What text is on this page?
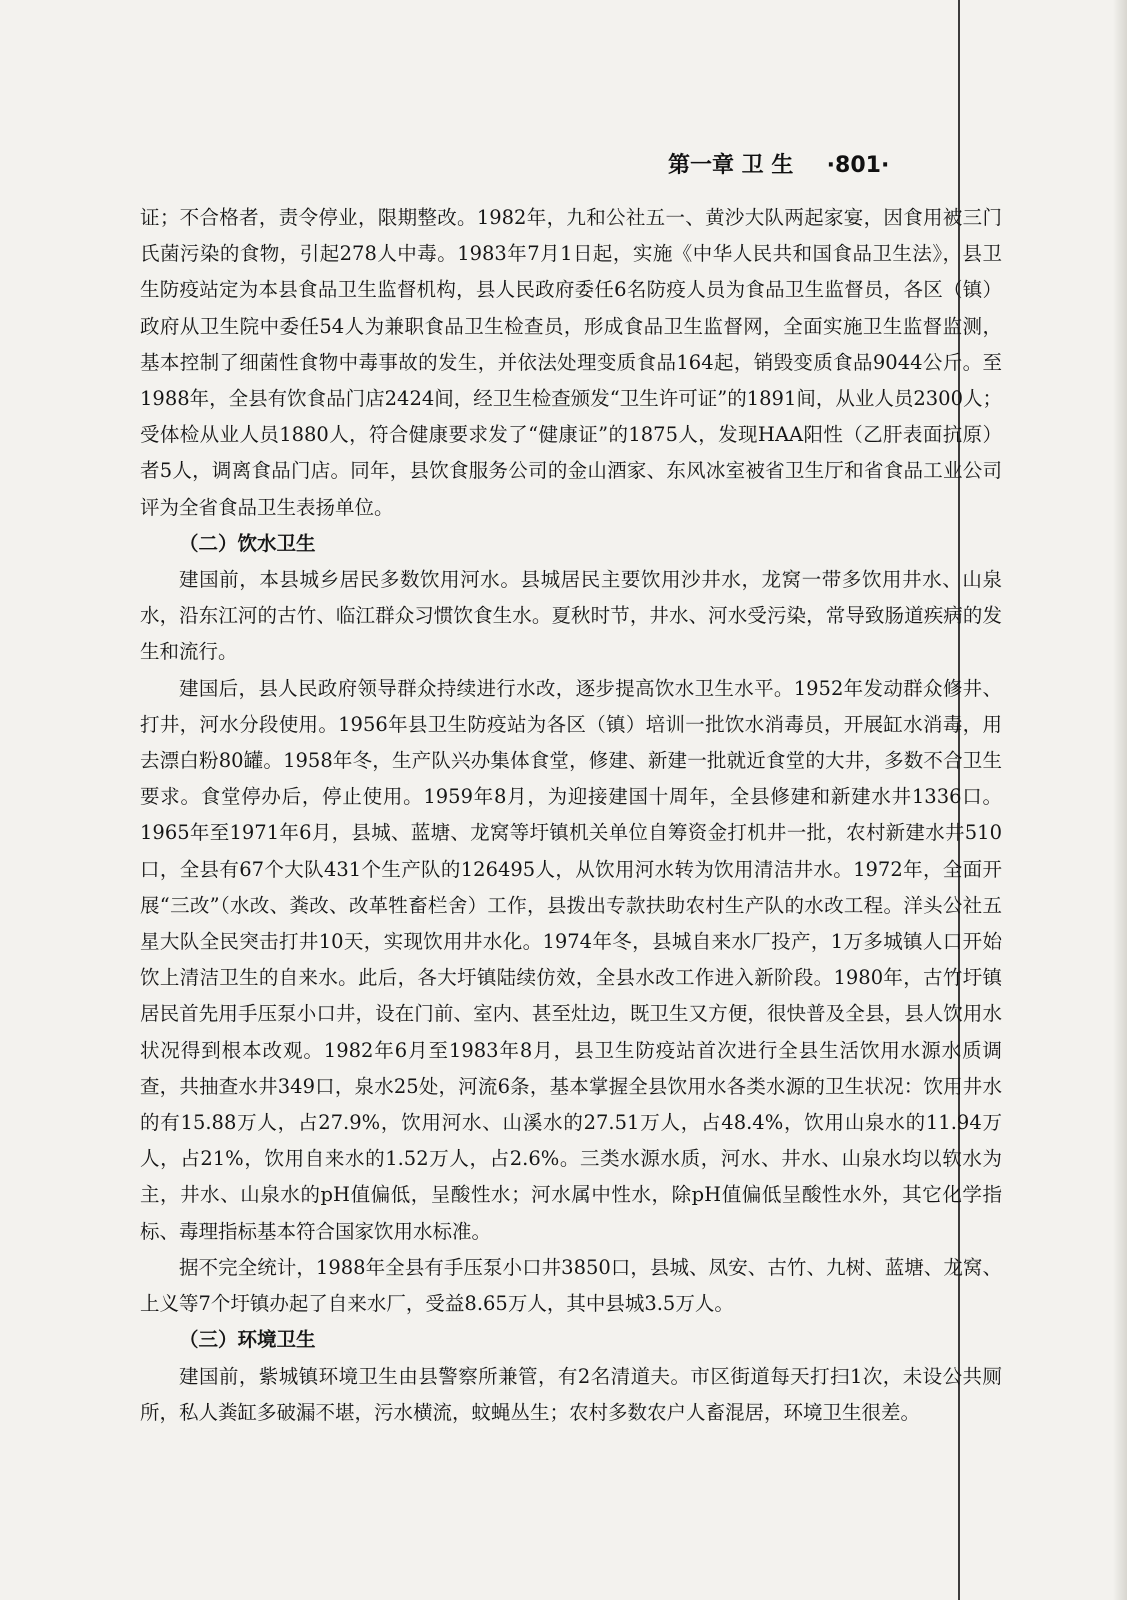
第一章 卫 生 ·801·

证；不合格者，责令停业，限期整改。1982年，九和公社五一、黄沙大队两起家宴，因食用被三门氏菌污染的食物，引起278人中毒。1983年7月1日起，实施《中华人民共和国食品卫生法》，县卫生防疫站定为本县食品卫生监督机构，县人民政府委任6名防疫人员为食品卫生监督员，各区（镇）政府从卫生院中委任54人为兼职食品卫生检查员，形成食品卫生监督网，全面实施卫生监督监测，基本控制了细菌性食物中毒事故的发生，并依法处理变质食品164起，销毁变质食品9044公斤。至1988年，全县有饮食品门店2424间，经卫生检查颁发“卫生许可证”的1891间，从业人员2300人；受体检从业人员1880人，符合健康要求发了“健康证”的1875人，发现HAA阳性（乙肝表面抗原）者5人，调离食品门店。同年，县饮食服务公司的金山酒家、东风冰室被省卫生厅和省食品工业公司评为全省食品卫生表扬单位。

（二）饮水卫生

建国前，本县城乡居民多数饮用河水。县城居民主要饮用沙井水，龙窝一带多饮用井水、山泉水，沿东江河的古竹、临江群众习惯饮食生水。夏秋时节，井水、河水受污染，常导致肠道疾病的发生和流行。

建国后，县人民政府领导群众持续进行水改，逐步提高饮水卫生水平。1952年发动群众修井、打井，河水分段使用。1956年县卫生防疫站为各区（镇）培训一批饮水消毒员，开展缸水消毒，用去漂白粉80罐。1958年冬，生产队兴办集体食堂，修建、新建一批就近食堂的大井，多数不合卫生要求。食堂停办后，停止使用。1959年8月，为迎接建国十周年，全县修建和新建水井1336口。1965年至1971年6月，县城、蓝塘、龙窝等圩镇机关单位自筹资金打机井一批，农村新建水井510口，全县有67个大队431个生产队的126495人，从饮用河水转为饮用清洁井水。1972年，全面开展“三改”（水改、粪改、改革牲畜栏舍）工作，县拨出专款扶助农村生产队的水改工程。洋头公社五星大队全民突击打井10天，实现饮用井水化。1974年冬，县城自来水厂投产，1万多城镇人口开始饮上清洁卫生的自来水。此后，各大圩镇陆续仿效，全县水改工作进入新阶段。1980年，古竹圩镇居民首先用手压泵小口井，设在门前、室内、甚至灶边，既卫生又方便，很快普及全县，县人饮用水状况得到根本改观。1982年6月至1983年8月，县卫生防疫站首次进行全县生活饮用水源水质调查，共抽查水井349口，泉水25处，河流6条，基本掌握全县饮用水各类水源的卫生状况：饮用井水的有15.88万人，占27.9%，饮用河水、山溪水的27.51万人，占48.4%，饮用山泉水的11.94万人，占21%，饮用自来水的1.52万人，占2.6%。三类水源水质，河水、井水、山泉水均以软水为主，井水、山泉水的pH值偏低，呈酸性水；河水属中性水，除pH值偏低呈酸性水外，其它化学指标、毒理指标基本符合国家饮用水标准。

据不完全统计，1988年全县有手压泵小口井3850口，县城、凤安、古竹、九树、蓝塘、龙窝、上义等7个圩镇办起了自来水厂，受益8.65万人，其中县城3.5万人。

（三）环境卫生

建国前，紫城镇环境卫生由县警察所兼管，有2名清道夫。市区街道每天打扫1次，未设公共厕所，私人粪缸多破漏不堪，污水横流，蚊蝇丛生；农村多数农户人畜混居，环境卫生很差。
